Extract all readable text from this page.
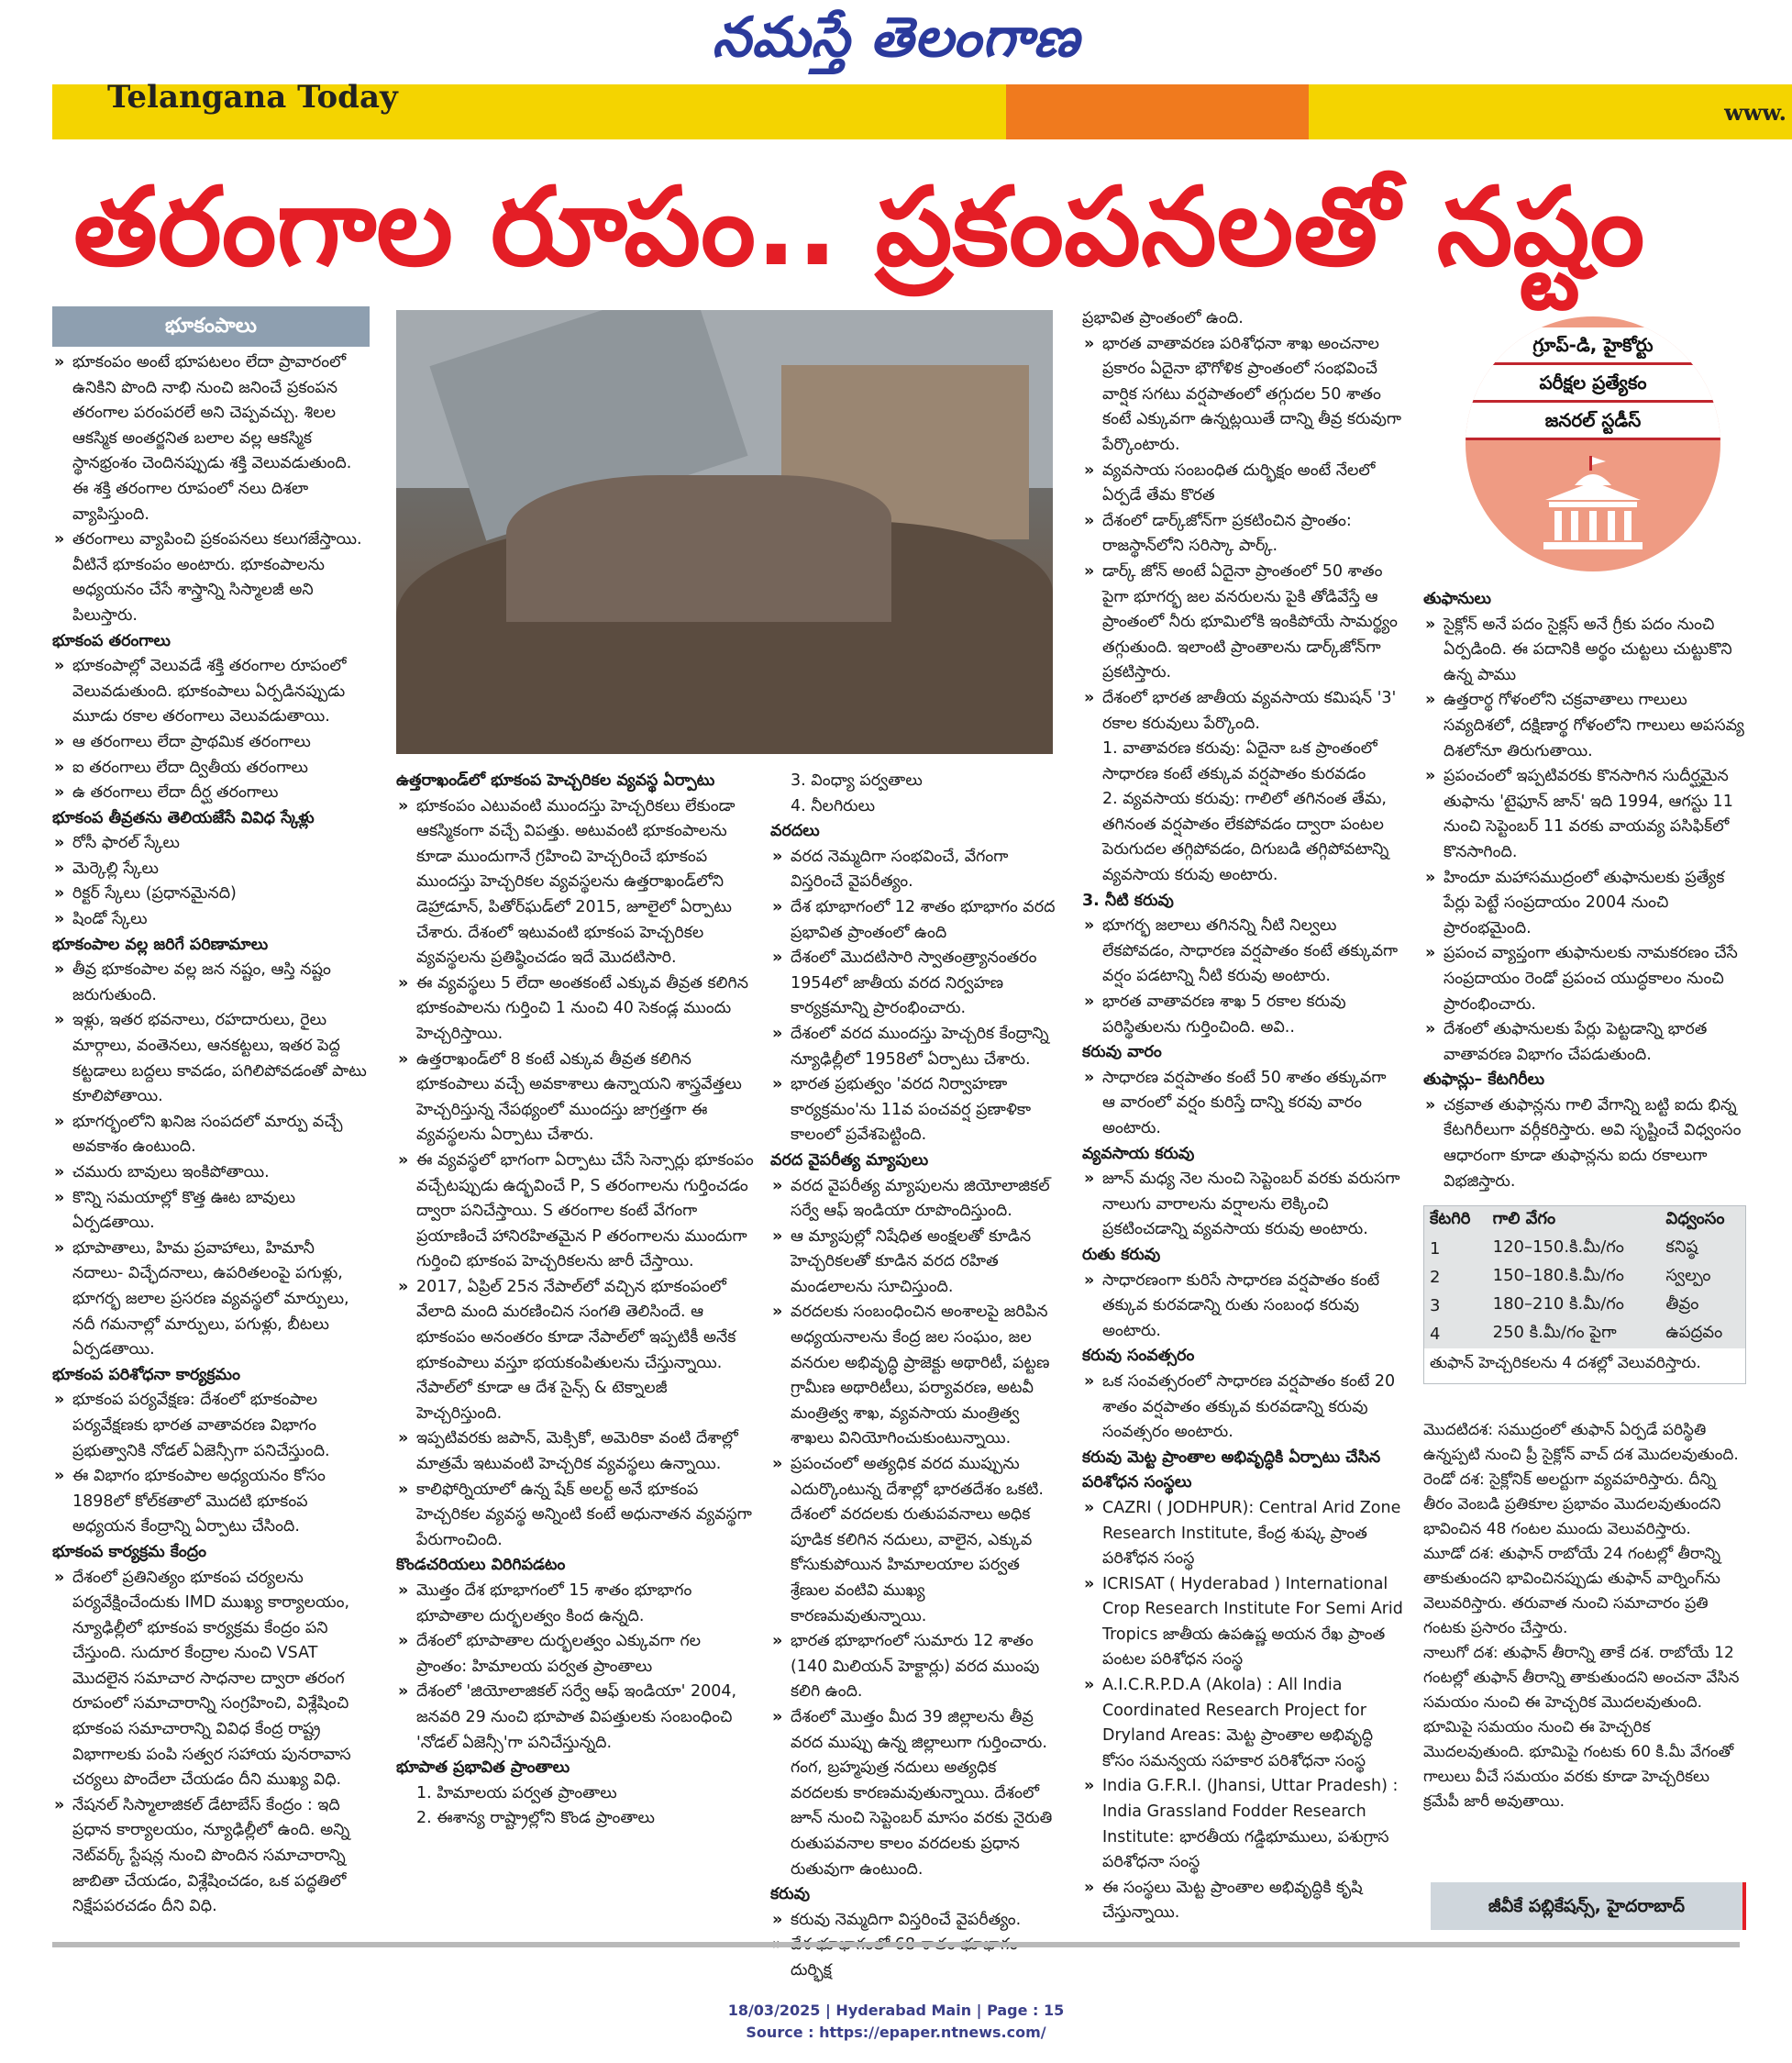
నమస్తే తెలంగాణ
Telangana Today	www.
తరంగాల రూపం.. ప్రకంపనలతో నష్టం
భూకంపాలు
» భూకంపం అంటే భూపటలం లేదా ప్రావారంలో ఉనికిని పొంది నాభి నుంచి జనించే ప్రకంపన తరంగాల పరంపరలే అని చెప్పవచ్చు. శిలల ఆకస్మిక అంతర్జనిత బలాల వల్ల ఆకస్మిక స్థానభ్రంశం చెందినప్పుడు శక్తి వెలువడుతుంది. ఈ శక్తి తరంగాల రూపంలో నలు దిశలా వ్యాపిస్తుంది.
» తరంగాలు వ్యాపించి ప్రకంపనలు కలుగజేస్తాయి. వీటినే భూకంపం అంటారు. భూకంపాలను అధ్యయనం చేసే శాస్త్రాన్ని సిస్మాలజీ అని పిలుస్తారు.
భూకంప తరంగాలు
» భూకంపాల్లో వెలువడే శక్తి తరంగాల రూపంలో వెలువడుతుంది. భూకంపాలు ఏర్పడినప్పుడు మూడు రకాల తరంగాలు వెలువడుతాయి.
» ఆ తరంగాలు లేదా ప్రాథమిక తరంగాలు
» ఐ తరంగాలు లేదా ద్వితీయ తరంగాలు
» ఉ తరంగాలు లేదా దీర్ఘ తరంగాలు
భూకంప తీవ్రతను తెలియజేసే వివిధ స్కేళ్లు
» రోసీ ఫారల్ స్కేలు
» మెర్కెల్లి స్కేలు
» రిక్టర్ స్కేలు (ప్రధానమైనది)
» షిండో స్కేలు
భూకంపాల వల్ల జరిగే పరిణామాలు
» తీవ్ర భూకంపాల వల్ల జన నష్టం, ఆస్తి నష్టం జరుగుతుంది.
» ఇళ్లు, ఇతర భవనాలు, రహదారులు, రైలు మార్గాలు, వంతెనలు, ఆనకట్టలు, ఇతర పెద్ద కట్టడాలు బద్దలు కావడం, పగిలిపోవడంతో పాటు కూలిపోతాయి.
» భూగర్భంలోని ఖనిజ సంపదలో మార్పు వచ్చే అవకాశం ఉంటుంది.
» చమురు బావులు ఇంకిపోతాయి.
» కొన్ని సమయాల్లో కొత్త ఊట బావులు ఏర్పడతాయి.
» భూపాతాలు, హిమ ప్రవాహాలు, హిమానీ నదాలు- విచ్ఛేదనాలు, ఉపరితలంపై పగుళ్లు, భూగర్భ జలాల ప్రసరణ వ్యవస్థలో మార్పులు, నదీ గమనాల్లో మార్పులు, పగుళ్లు, బీటలు ఏర్పడతాయి.
భూకంప పరిశోధనా కార్యక్రమం
» భూకంప పర్యవేక్షణ: దేశంలో భూకంపాల పర్యవేక్షణకు భారత వాతావరణ విభాగం ప్రభుత్వానికి నోడల్ ఏజెన్సీగా పనిచేస్తుంది.
» ఈ విభాగం భూకంపాల అధ్యయనం కోసం 1898లో కోల్‌కతాలో మొదటి భూకంప అధ్యయన కేంద్రాన్ని ఏర్పాటు చేసింది.
భూకంప కార్యక్రమ కేంద్రం
» దేశంలో ప్రతినిత్యం భూకంప చర్యలను పర్యవేక్షించేందుకు IMD ముఖ్య కార్యాలయం, న్యూఢిల్లీలో భూకంప కార్యక్రమ కేంద్రం పని చేస్తుంది. సుదూర కేంద్రాల నుంచి VSAT మొదలైన సమాచార సాధనాల ద్వారా తరంగ రూపంలో సమాచారాన్ని సంగ్రహించి, విశ్లేషించి భూకంప సమాచారాన్ని వివిధ కేంద్ర రాష్ట్ర విభాగాలకు పంపి సత్వర సహాయ పునరావాస చర్యలు పొందేలా చేయడం దీని ముఖ్య విధి.
» నేషనల్ సిస్మాలాజికల్ డేటాబేస్ కేంద్రం : ఇది ప్రధాన కార్యాలయం, న్యూఢిల్లీలో ఉంది. అన్ని నెట్‌వర్క్ స్టేషన్ల నుంచి పొందిన సమాచారాన్ని జాబితా చేయడం, విశ్లేషించడం, ఒక పద్ధతిలో నిక్షేపపరచడం దీని విధి.
ఉత్తరాఖండ్‌లో భూకంప హెచ్చరికల వ్యవస్థ ఏర్పాటు
» భూకంపం ఎటువంటి ముందస్తు హెచ్చరికలు లేకుండా ఆకస్మికంగా వచ్చే విపత్తు. అటువంటి భూకంపాలను కూడా ముందుగానే గ్రహించి హెచ్చరించే భూకంప ముందస్తు హెచ్చరికల వ్యవస్థలను ఉత్తరాఖండ్‌లోని డెహ్రాడూన్, పితోర్‌ఘడ్‌లో 2015, జూలైలో ఏర్పాటు చేశారు. దేశంలో ఇటువంటి భూకంప హెచ్చరికల వ్యవస్థలను ప్రతిష్ఠించడం ఇదే మొదటిసారి.
» ఈ వ్యవస్థలు 5 లేదా అంతకంటే ఎక్కువ తీవ్రత కలిగిన భూకంపాలను గుర్తించి 1 నుంచి 40 సెకండ్ల ముందు హెచ్చరిస్తాయి.
» ఉత్తరాఖండ్‌లో 8 కంటే ఎక్కువ తీవ్రత కలిగిన భూకంపాలు వచ్చే అవకాశాలు ఉన్నాయని శాస్త్రవేత్తలు హెచ్చరిస్తున్న నేపథ్యంలో ముందస్తు జాగ్రత్తగా ఈ వ్యవస్థలను ఏర్పాటు చేశారు.
» ఈ వ్యవస్థలో భాగంగా ఏర్పాటు చేసే సెన్సార్లు భూకంపం వచ్చేటప్పుడు ఉద్భవించే P, S తరంగాలను గుర్తించడం ద్వారా పనిచేస్తాయి. S తరంగాల కంటే వేగంగా ప్రయాణించే హానిరహితమైన P తరంగాలను ముందుగా గుర్తించి భూకంప హెచ్చరికలను జారీ చేస్తాయి.
» 2017, ఏప్రిల్ 25న నేపాల్‌లో వచ్చిన భూకంపంలో వేలాది మంది మరణించిన సంగతి తెలిసిందే. ఆ భూకంపం అనంతరం కూడా నేపాల్‌లో ఇప్పటికీ అనేక భూకంపాలు వస్తూ భయకంపితులను చేస్తున్నాయి. నేపాల్‌లో కూడా ఆ దేశ సైన్స్ & టెక్నాలజీ హెచ్చరిస్తుంది.
» ఇప్పటివరకు జపాన్, మెక్సికో, అమెరికా వంటి దేశాల్లో మాత్రమే ఇటువంటి హెచ్చరిక వ్యవస్థలు ఉన్నాయి.
» కాలిఫోర్నియాలో ఉన్న షేక్ అలర్ట్ అనే భూకంప హెచ్చరికల వ్యవస్థ అన్నింటి కంటే అధునాతన వ్యవస్థగా పేరుగాంచింది.
కొండచరియలు విరిగిపడటం
» మొత్తం దేశ భూభాగంలో 15 శాతం భూభాగం భూపాతాల దుర్భలత్వం కింద ఉన్నది.
» దేశంలో భూపాతాల దుర్భలత్వం ఎక్కువగా గల ప్రాంతం: హిమాలయ పర్వత ప్రాంతాలు
» దేశంలో 'జియోలాజికల్ సర్వే ఆఫ్ ఇండియా' 2004, జనవరి 29 నుంచి భూపాత విపత్తులకు సంబంధించి 'నోడల్ ఏజెన్సీ'గా పనిచేస్తున్నది.
భూపాత ప్రభావిత ప్రాంతాలు
1. హిమాలయ పర్వత ప్రాంతాలు
2. ఈశాన్య రాష్ట్రాల్లోని కొండ ప్రాంతాలు
3. వింధ్యా పర్వతాలు
4. నీలగిరులు
వరదలు
» వరద నెమ్మదిగా సంభవించే, వేగంగా విస్తరించే వైపరీత్యం.
» దేశ భూభాగంలో 12 శాతం భూభాగం వరద ప్రభావిత ప్రాంతంలో ఉంది
» దేశంలో మొదటిసారి స్వాతంత్ర్యానంతరం 1954లో జాతీయ వరద నిర్వహణ కార్యక్రమాన్ని ప్రారంభించారు.
» దేశంలో వరద ముందస్తు హెచ్చరిక కేంద్రాన్ని న్యూఢిల్లీలో 1958లో ఏర్పాటు చేశారు.
» భారత ప్రభుత్వం 'వరద నిర్వాహణా కార్యక్రమం'ను 11వ పంచవర్ష ప్రణాళికా కాలంలో ప్రవేశపెట్టింది.
వరద వైపరీత్య మ్యాపులు
» వరద వైపరీత్య మ్యాపులను జియోలాజికల్ సర్వే ఆఫ్ ఇండియా రూపొందిస్తుంది.
» ఆ మ్యాపుల్లో నిషేధిత అంక్షలతో కూడిన హెచ్చరికలతో కూడిన వరద రహిత మండలాలను సూచిస్తుంది.
» వరదలకు సంబంధించిన అంశాలపై జరిపిన అధ్యయనాలను కేంద్ర జల సంఘం, జల వనరుల అభివృద్ధి ప్రాజెక్టు అథారిటీ, పట్టణ గ్రామీణ అథారిటీలు, పర్యావరణ, అటవీ మంత్రిత్వ శాఖ, వ్యవసాయ మంత్రిత్వ శాఖలు వినియోగించుకుంటున్నాయి.
» ప్రపంచంలో అత్యధిక వరద ముప్పును ఎదుర్కొంటున్న దేశాల్లో భారతదేశం ఒకటి. దేశంలో వరదలకు రుతుపవనాలు అధిక పూడిక కలిగిన నదులు, వాలైన, ఎక్కువ కోసుకుపోయిన హిమాలయాల పర్వత శ్రేణుల వంటివి ముఖ్య కారణమవుతున్నాయి.
» భారత భూభాగంలో సుమారు 12 శాతం (140 మిలియన్ హెక్టార్లు) వరద ముంపు కలిగి ఉంది.
» దేశంలో మొత్తం మీద 39 జిల్లాలను తీవ్ర వరద ముప్పు ఉన్న జిల్లాలుగా గుర్తించారు. గంగ, బ్రహ్మపుత్ర నదులు అత్యధిక వరదలకు కారణమవుతున్నాయి. దేశంలో జూన్ నుంచి సెప్టెంబర్ మాసం వరకు నైరుతి రుతుపవనాల కాలం వరదలకు ప్రధాన రుతువుగా ఉంటుంది.
కరువు
» కరువు నెమ్మదిగా విస్తరించే వైపరీత్యం.
» దుర్భిక్ష
ప్రభావిత ప్రాంతంలో ఉంది.
» భారత వాతావరణ పరిశోధనా శాఖ అంచనాల ప్రకారం ఏదైనా భౌగోళిక ప్రాంతంలో సంభవించే వార్షిక సగటు వర్షపాతంలో తగ్గుదల 50 శాతం కంటే ఎక్కువగా ఉన్నట్లయితే దాన్ని తీవ్ర కరువుగా పేర్కొంటారు.
» వ్యవసాయ సంబంధిత దుర్భిక్షం అంటే నేలలో ఏర్పడే తేమ కొరత
» దేశంలో డార్క్‌జోన్‌గా ప్రకటించిన ప్రాంతం: రాజస్థాన్‌లోని సరిస్కా పార్క్.
» డార్క్ జోన్ అంటే ఏదైనా ప్రాంతంలో 50 శాతం పైగా భూగర్భ జల వనరులను పైకి తోడివేస్తే ఆ ప్రాంతంలో నీరు భూమిలోకి ఇంకిపోయే సామర్థ్యం తగ్గుతుంది. ఇలాంటి ప్రాంతాలను డార్క్‌జోన్‌గా ప్రకటిస్తారు.
» దేశంలో భారత జాతీయ వ్యవసాయ కమిషన్ '3' రకాల కరువులు పేర్కొంది.
1. వాతావరణ కరువు: ఏదైనా ఒక ప్రాంతంలో సాధారణ కంటే తక్కువ వర్షపాతం కురవడం
2. వ్యవసాయ కరువు: గాలిలో తగినంత తేమ, తగినంత వర్షపాతం లేకపోవడం ద్వారా పంటల పెరుగుదల తగ్గిపోవడం, దిగుబడి తగ్గిపోవటాన్ని వ్యవసాయ కరువు అంటారు.
3. నీటి కరువు
» భూగర్భ జలాలు తగినన్ని నీటి నిల్వలు లేకపోవడం, సాధారణ వర్షపాతం కంటే తక్కువగా వర్షం పడటాన్ని నీటి కరువు అంటారు.
» భారత వాతావరణ శాఖ 5 రకాల కరువు పరిస్థితులను గుర్తించింది. అవి..
కరువు వారం
» సాధారణ వర్షపాతం కంటే 50 శాతం తక్కువగా ఆ వారంలో వర్షం కురిస్తే దాన్ని కరవు వారం అంటారు.
వ్యవసాయ కరువు
» జూన్ మధ్య నెల నుంచి సెప్టెంబర్ వరకు వరుసగా నాలుగు వారాలను వర్షాలను లెక్కించి ప్రకటించడాన్ని వ్యవసాయ కరువు అంటారు.
రుతు కరువు
» సాధారణంగా కురిసే సాధారణ వర్షపాతం కంటే తక్కువ కురవడాన్ని రుతు సంబంధ కరువు అంటారు.
కరువు సంవత్సరం
» ఒక సంవత్సరంలో సాధారణ వర్షపాతం కంటే 20 శాతం వర్షపాతం తక్కువ కురవడాన్ని కరువు సంవత్సరం అంటారు.
కరువు మెట్ట ప్రాంతాల అభివృద్ధికి ఏర్పాటు చేసిన పరిశోధన సంస్థలు
» CAZRI ( JODHPUR): Central Arid Zone Research Institute, కేంద్ర శుష్క ప్రాంత పరిశోధన సంస్థ
» ICRISAT ( Hyderabad ) International Crop Research Institute For Semi Arid Tropics జాతీయ ఉపఉష్ణ అయన రేఖ ప్రాంత పంటల పరిశోధన సంస్థ
» A.I.C.R.P.D.A (Akola) : All India Coordinated Research Project for Dryland Areas: మెట్ట ప్రాంతాల అభివృద్ధి కోసం సమన్వయ సహకార పరిశోధనా సంస్థ
» India G.F.R.I. (Jhansi, Uttar Pradesh) : India Grassland Fodder Research Institute: భారతీయ గడ్డిభూములు, పశుగ్రాస పరిశోధనా సంస్థ
» ఈ సంస్థలు మెట్ట ప్రాంతాల అభివృద్ధికి కృషి చేస్తున్నాయి.
గ్రూప్-డి, హైకోర్టు
పరీక్షల ప్రత్యేకం
జనరల్ స్టడీస్
తుఫానులు
» సైక్లోన్ అనే పదం సైక్లస్ అనే గ్రీకు పదం నుంచి ఏర్పడింది. ఈ పదానికి అర్థం చుట్టలు చుట్టుకొని ఉన్న పాము
» ఉత్తరార్థ గోళంలోని చక్రవాతాలు గాలులు సవ్యదిశలో, దక్షిణార్థ గోళంలోని గాలులు అపసవ్య దిశలోనూ తిరుగుతాయి.
» ప్రపంచంలో ఇప్పటివరకు కొనసాగిన సుదీర్ఘమైన తుఫాను 'టైఫూన్ జాన్' ఇది 1994, ఆగస్టు 11 నుంచి సెప్టెంబర్ 11 వరకు వాయవ్య పసిఫిక్‌లో కొనసాగింది.
» హిందూ మహాసముద్రంలో తుఫానులకు ప్రత్యేక పేర్లు పెట్టే సంప్రదాయం 2004 నుంచి ప్రారంభమైంది.
» ప్రపంచ వ్యాప్తంగా తుఫానులకు నామకరణం చేసే సంప్రదాయం రెండో ప్రపంచ యుద్ధకాలం నుంచి ప్రారంభించారు.
» దేశంలో తుఫానులకు పేర్లు పెట్టడాన్ని భారత వాతావరణ విభాగం చేపడుతుంది.
తుఫాన్లు– కేటగిరీలు
» చక్రవాత తుఫాన్లను గాలి వేగాన్ని బట్టి ఐదు భిన్న కేటగిరీలుగా వర్గీకరిస్తారు. అవి సృష్టించే విధ్వంసం ఆధారంగా కూడా తుఫాన్లను ఐదు రకాలుగా విభజిస్తారు.
కేటగిరి	గాలి వేగం	విధ్వంసం
1	120–150.కి.మీ/గం	కనిష్ఠ
2	150–180.కి.మీ/గం	స్వల్పం
3	180–210 కి.మీ/గం	తీవ్రం
4	250 కి.మీ/గం పైగా	ఉపద్రవం
తుఫాన్ హెచ్చరికలను 4 దశల్లో వెలువరిస్తారు.
మొదటిదశ: సముద్రంలో తుఫాన్ ఏర్పడే పరిస్థితి ఉన్నప్పటి నుంచి ప్రీ సైక్లోన్ వాచ్ దశ మొదలవుతుంది.
రెండో దశ: సైక్లోనిక్ అలర్టుగా వ్యవహరిస్తారు. దీన్ని తీరం వెంబడి ప్రతికూల ప్రభావం మొదలవుతుందని భావించిన 48 గంటల ముందు వెలువరిస్తారు.
మూడో దశ: తుఫాన్ రాబోయే 24 గంటల్లో తీరాన్ని తాకుతుందని భావించినప్పుడు తుఫాన్ వార్నింగ్‌ను వెలువరిస్తారు. తరువాత నుంచి సమాచారం ప్రతి గంటకు ప్రసారం చేస్తారు.
నాలుగో దశ: తుఫాన్ తీరాన్ని తాకే దశ. రాబోయే 12 గంటల్లో తుఫాన్ తీరాన్ని తాకుతుందని అంచనా వేసిన సమయం నుంచి ఈ హెచ్చరిక మొదలవుతుంది. భూమిపై సమయం నుంచి ఈ హెచ్చరిక మొదలవుతుంది. భూమిపై గంటకు 60 కి.మీ వేగంతో గాలులు వీచే సమయం వరకు కూడా హెచ్చరికలు క్రమేపీ జారీ అవుతాయి.
జీవీకే పబ్లికేషన్స్, హైదరాబాద్
18/03/2025 | Hyderabad Main | Page : 15
Source : https://epaper.ntnews.com/
